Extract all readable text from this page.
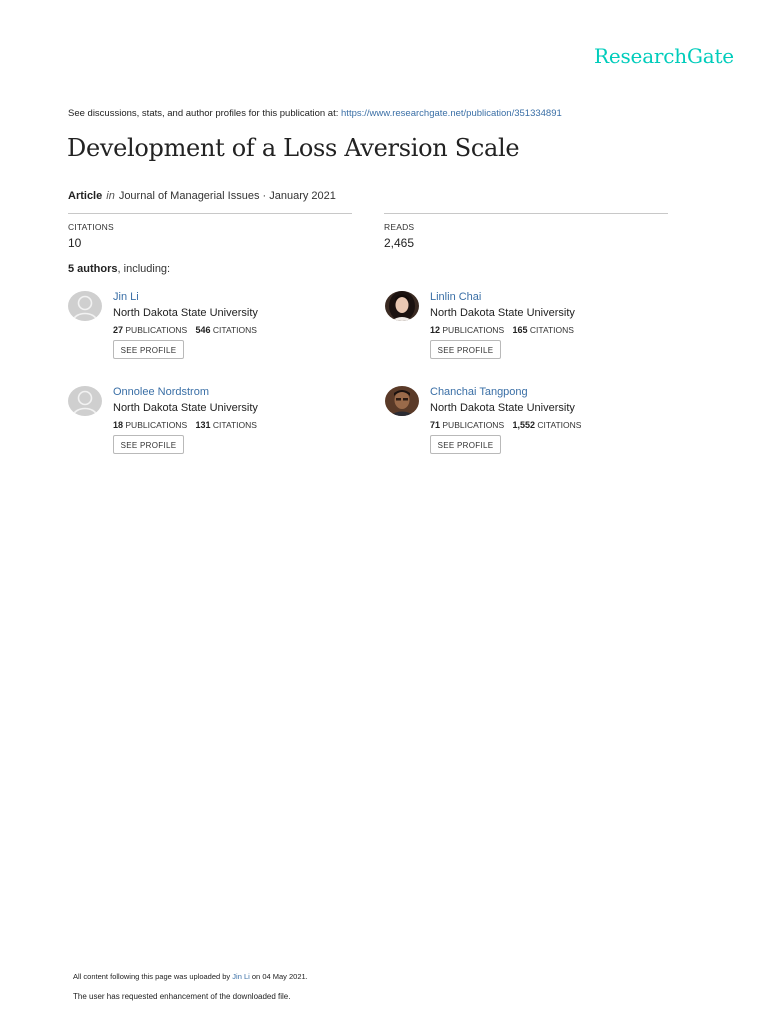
ResearchGate
See discussions, stats, and author profiles for this publication at: https://www.researchgate.net/publication/351334891
Development of a Loss Aversion Scale
Article in Journal of Managerial Issues · January 2021
CITATIONS
10
READS
2,465
5 authors, including:
Jin Li
North Dakota State University
27 PUBLICATIONS 546 CITATIONS
SEE PROFILE
Linlin Chai
North Dakota State University
12 PUBLICATIONS 165 CITATIONS
SEE PROFILE
Onnolee Nordstrom
North Dakota State University
18 PUBLICATIONS 131 CITATIONS
SEE PROFILE
Chanchai Tangpong
North Dakota State University
71 PUBLICATIONS 1,552 CITATIONS
SEE PROFILE
All content following this page was uploaded by Jin Li on 04 May 2021.
The user has requested enhancement of the downloaded file.
